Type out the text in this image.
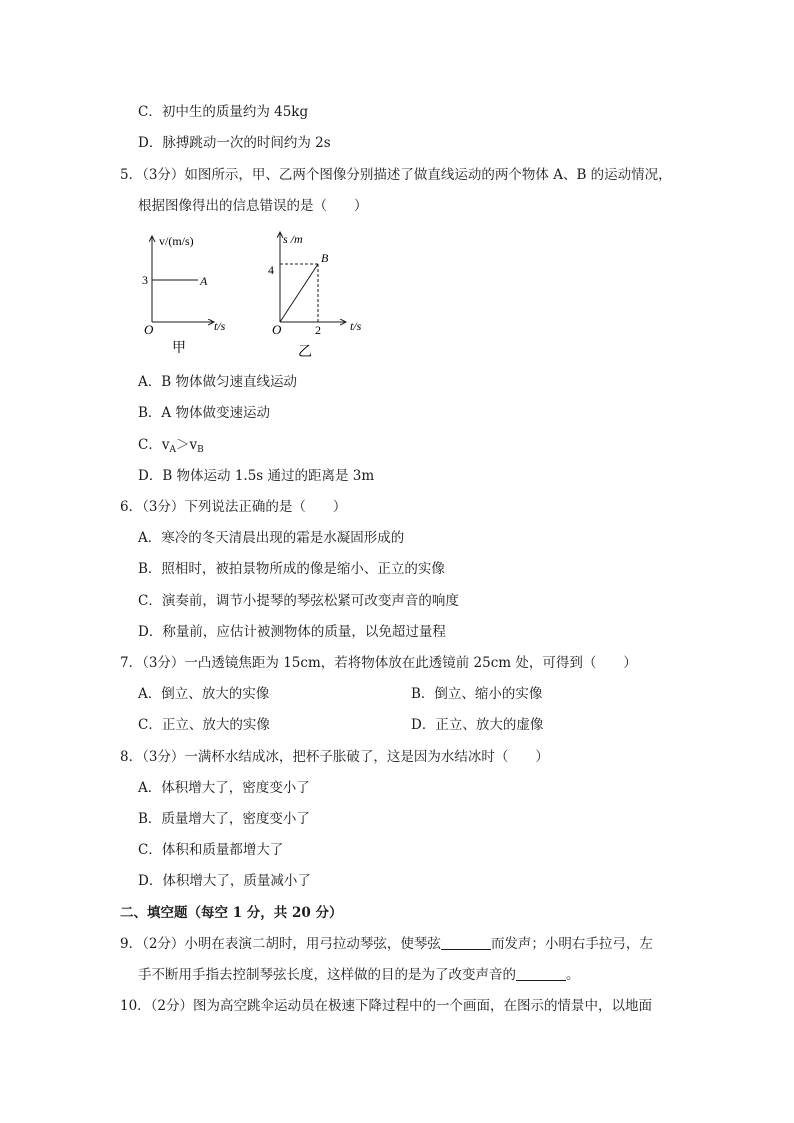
C．初中生的质量约为 45kg
D．脉搏跳动一次的时间约为 2s
5．（3分）如图所示，甲、乙两个图像分别描述了做直线运动的两个物体 A、B 的运动情况，
根据图像得出的信息错误的是（　　）
v/(m/s)
3	A
O	t/s
甲
s /m
4
B
O	2 t/s
乙
A．B 物体做匀速直线运动
B．A 物体做变速运动
C．$v_A>v_B$
D．B 物体运动 1.5s 通过的距离是 3m
6．（3分）下列说法正确的是（　　）
A．寒冷的冬天清晨出现的霜是水凝固形成的
B．照相时，被拍景物所成的像是缩小、正立的实像
C．演奏前，调节小提琴的琴弦松紧可改变声音的响度
D．称量前，应估计被测物体的质量，以免超过量程
7．（3分）一凸透镜焦距为 15cm，若将物体放在此透镜前 25cm 处，可得到（　　）
A．倒立、放大的实像	B．倒立、缩小的实像
C．正立、放大的实像	D．正立、放大的虚像
8．（3分）一满杯水结成冰，把杯子胀破了，这是因为水结冰时（　　）
A．体积增大了，密度变小了
B．质量增大了，密度变小了
C．体积和质量都增大了
D．体积增大了，质量减小了
二、填空题（每空 1 分，共 20 分）
9．（2分）小明在表演二胡时，用弓拉动琴弦，使琴弦	而发声；小明右手拉弓，左
手不断用手指去控制琴弦长度，这样做的目的是为了改变声音的	。
10．（2分）图为高空跳伞运动员在极速下降过程中的一个画面，在图示的情景中，以地面
